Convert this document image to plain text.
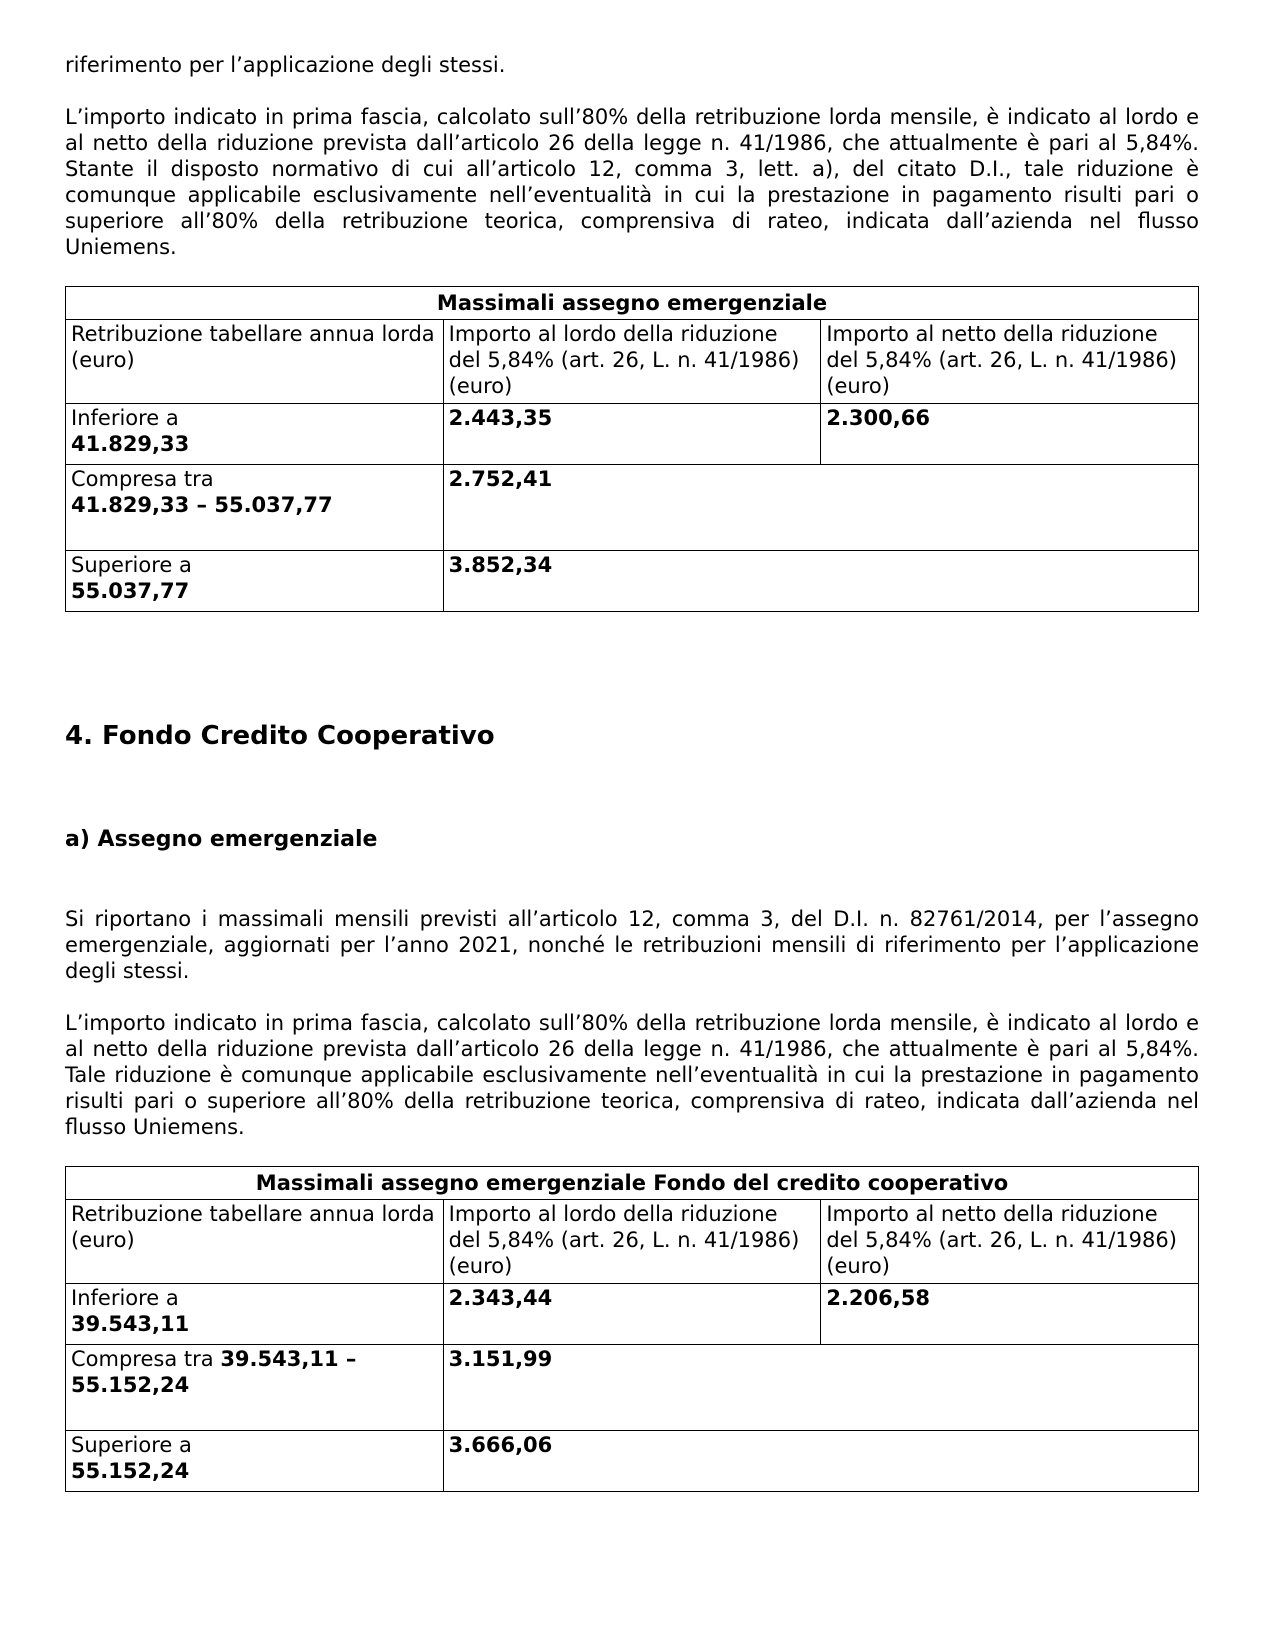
riferimento per l’applicazione degli stessi.

L’importo indicato in prima fascia, calcolato sull’80% della retribuzione lorda mensile, è indicato al lordo e al netto della riduzione prevista dall’articolo 26 della legge n. 41/1986, che attualmente è pari al 5,84%. Stante il disposto normativo di cui all’articolo 12, comma 3, lett. a), del citato D.I., tale riduzione è comunque applicabile esclusivamente nell’eventualità in cui la prestazione in pagamento risulti pari o superiore all’80% della retribuzione teorica, comprensiva di rateo, indicata dall’azienda nel flusso Uniemens.

Massimali assegno emergenziale		
Retribuzione tabellare annua lorda (euro)	Importo al lordo della riduzione del 5,84% (art. 26, L. n. 41/1986) (euro)	Importo al netto della riduzione del 5,84% (art. 26, L. n. 41/1986) (euro)
Inferiore a
41.829,33	2.443,35	2.300,66
Compresa tra
41.829,33 – 55.037,77	2.752,41	
Superiore a
55.037,77	3.852,34	
4. Fondo Credito Cooperativo
a) Assegno emergenziale

Si riportano i massimali mensili previsti all’articolo 12, comma 3, del D.I. n. 82761/2014, per l’assegno emergenziale, aggiornati per l’anno 2021, nonché le retribuzioni mensili di riferimento per l’applicazione degli stessi.

L’importo indicato in prima fascia, calcolato sull’80% della retribuzione lorda mensile, è indicato al lordo e al netto della riduzione prevista dall’articolo 26 della legge n. 41/1986, che attualmente è pari al 5,84%. Tale riduzione è comunque applicabile esclusivamente nell’eventualità in cui la prestazione in pagamento risulti pari o superiore all’80% della retribuzione teorica, comprensiva di rateo, indicata dall’azienda nel flusso Uniemens.

Massimali assegno emergenziale Fondo del credito cooperativo		
Retribuzione tabellare annua lorda (euro)	Importo al lordo della riduzione del 5,84% (art. 26, L. n. 41/1986) (euro)	Importo al netto della riduzione del 5,84% (art. 26, L. n. 41/1986) (euro)
Inferiore a
39.543,11	2.343,44	2.206,58
Compresa tra 39.543,11 – 55.152,24	3.151,99	
Superiore a
55.152,24	3.666,06	
